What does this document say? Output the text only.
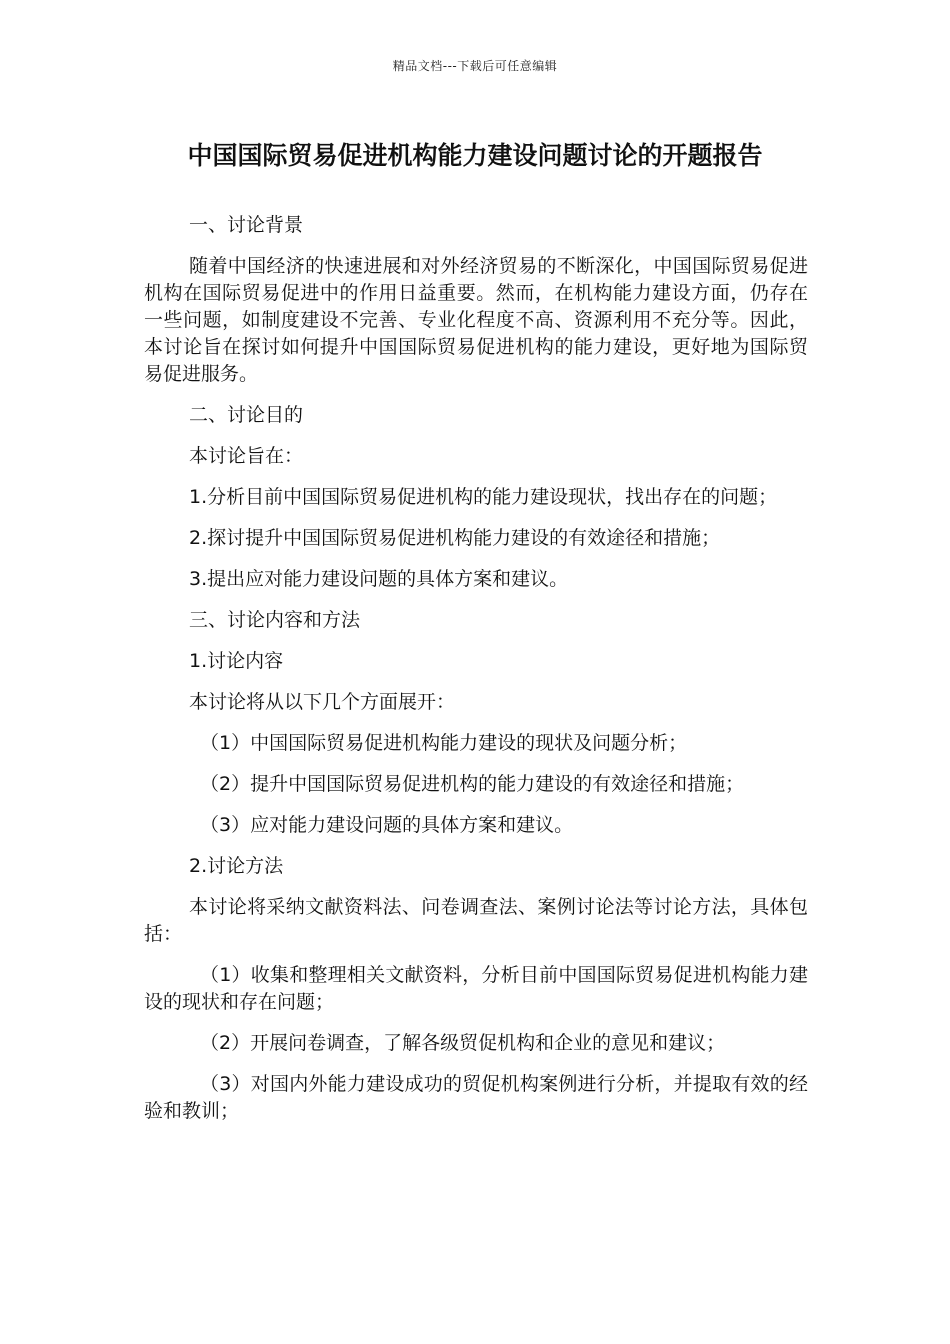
精品文档---下载后可任意编辑
中国国际贸易促进机构能力建设问题讨论的开题报告

一、讨论背景

随着中国经济的快速进展和对外经济贸易的不断深化，中国国际贸易促进机构在国际贸易促进中的作用日益重要。然而，在机构能力建设方面，仍存在一些问题，如制度建设不完善、专业化程度不高、资源利用不充分等。因此，本讨论旨在探讨如何提升中国国际贸易促进机构的能力建设，更好地为国际贸易促进服务。

二、讨论目的

本讨论旨在：

1.分析目前中国国际贸易促进机构的能力建设现状，找出存在的问题；

2.探讨提升中国国际贸易促进机构能力建设的有效途径和措施；

3.提出应对能力建设问题的具体方案和建议。

三、讨论内容和方法

1.讨论内容

本讨论将从以下几个方面展开：

（1）中国国际贸易促进机构能力建设的现状及问题分析；

（2）提升中国国际贸易促进机构的能力建设的有效途径和措施；

（3）应对能力建设问题的具体方案和建议。

2.讨论方法

本讨论将采纳文献资料法、问卷调查法、案例讨论法等讨论方法，具体包括：

（1）收集和整理相关文献资料，分析目前中国国际贸易促进机构能力建设的现状和存在问题；

（2）开展问卷调查，了解各级贸促机构和企业的意见和建议；

（3）对国内外能力建设成功的贸促机构案例进行分析，并提取有效的经验和教训；
